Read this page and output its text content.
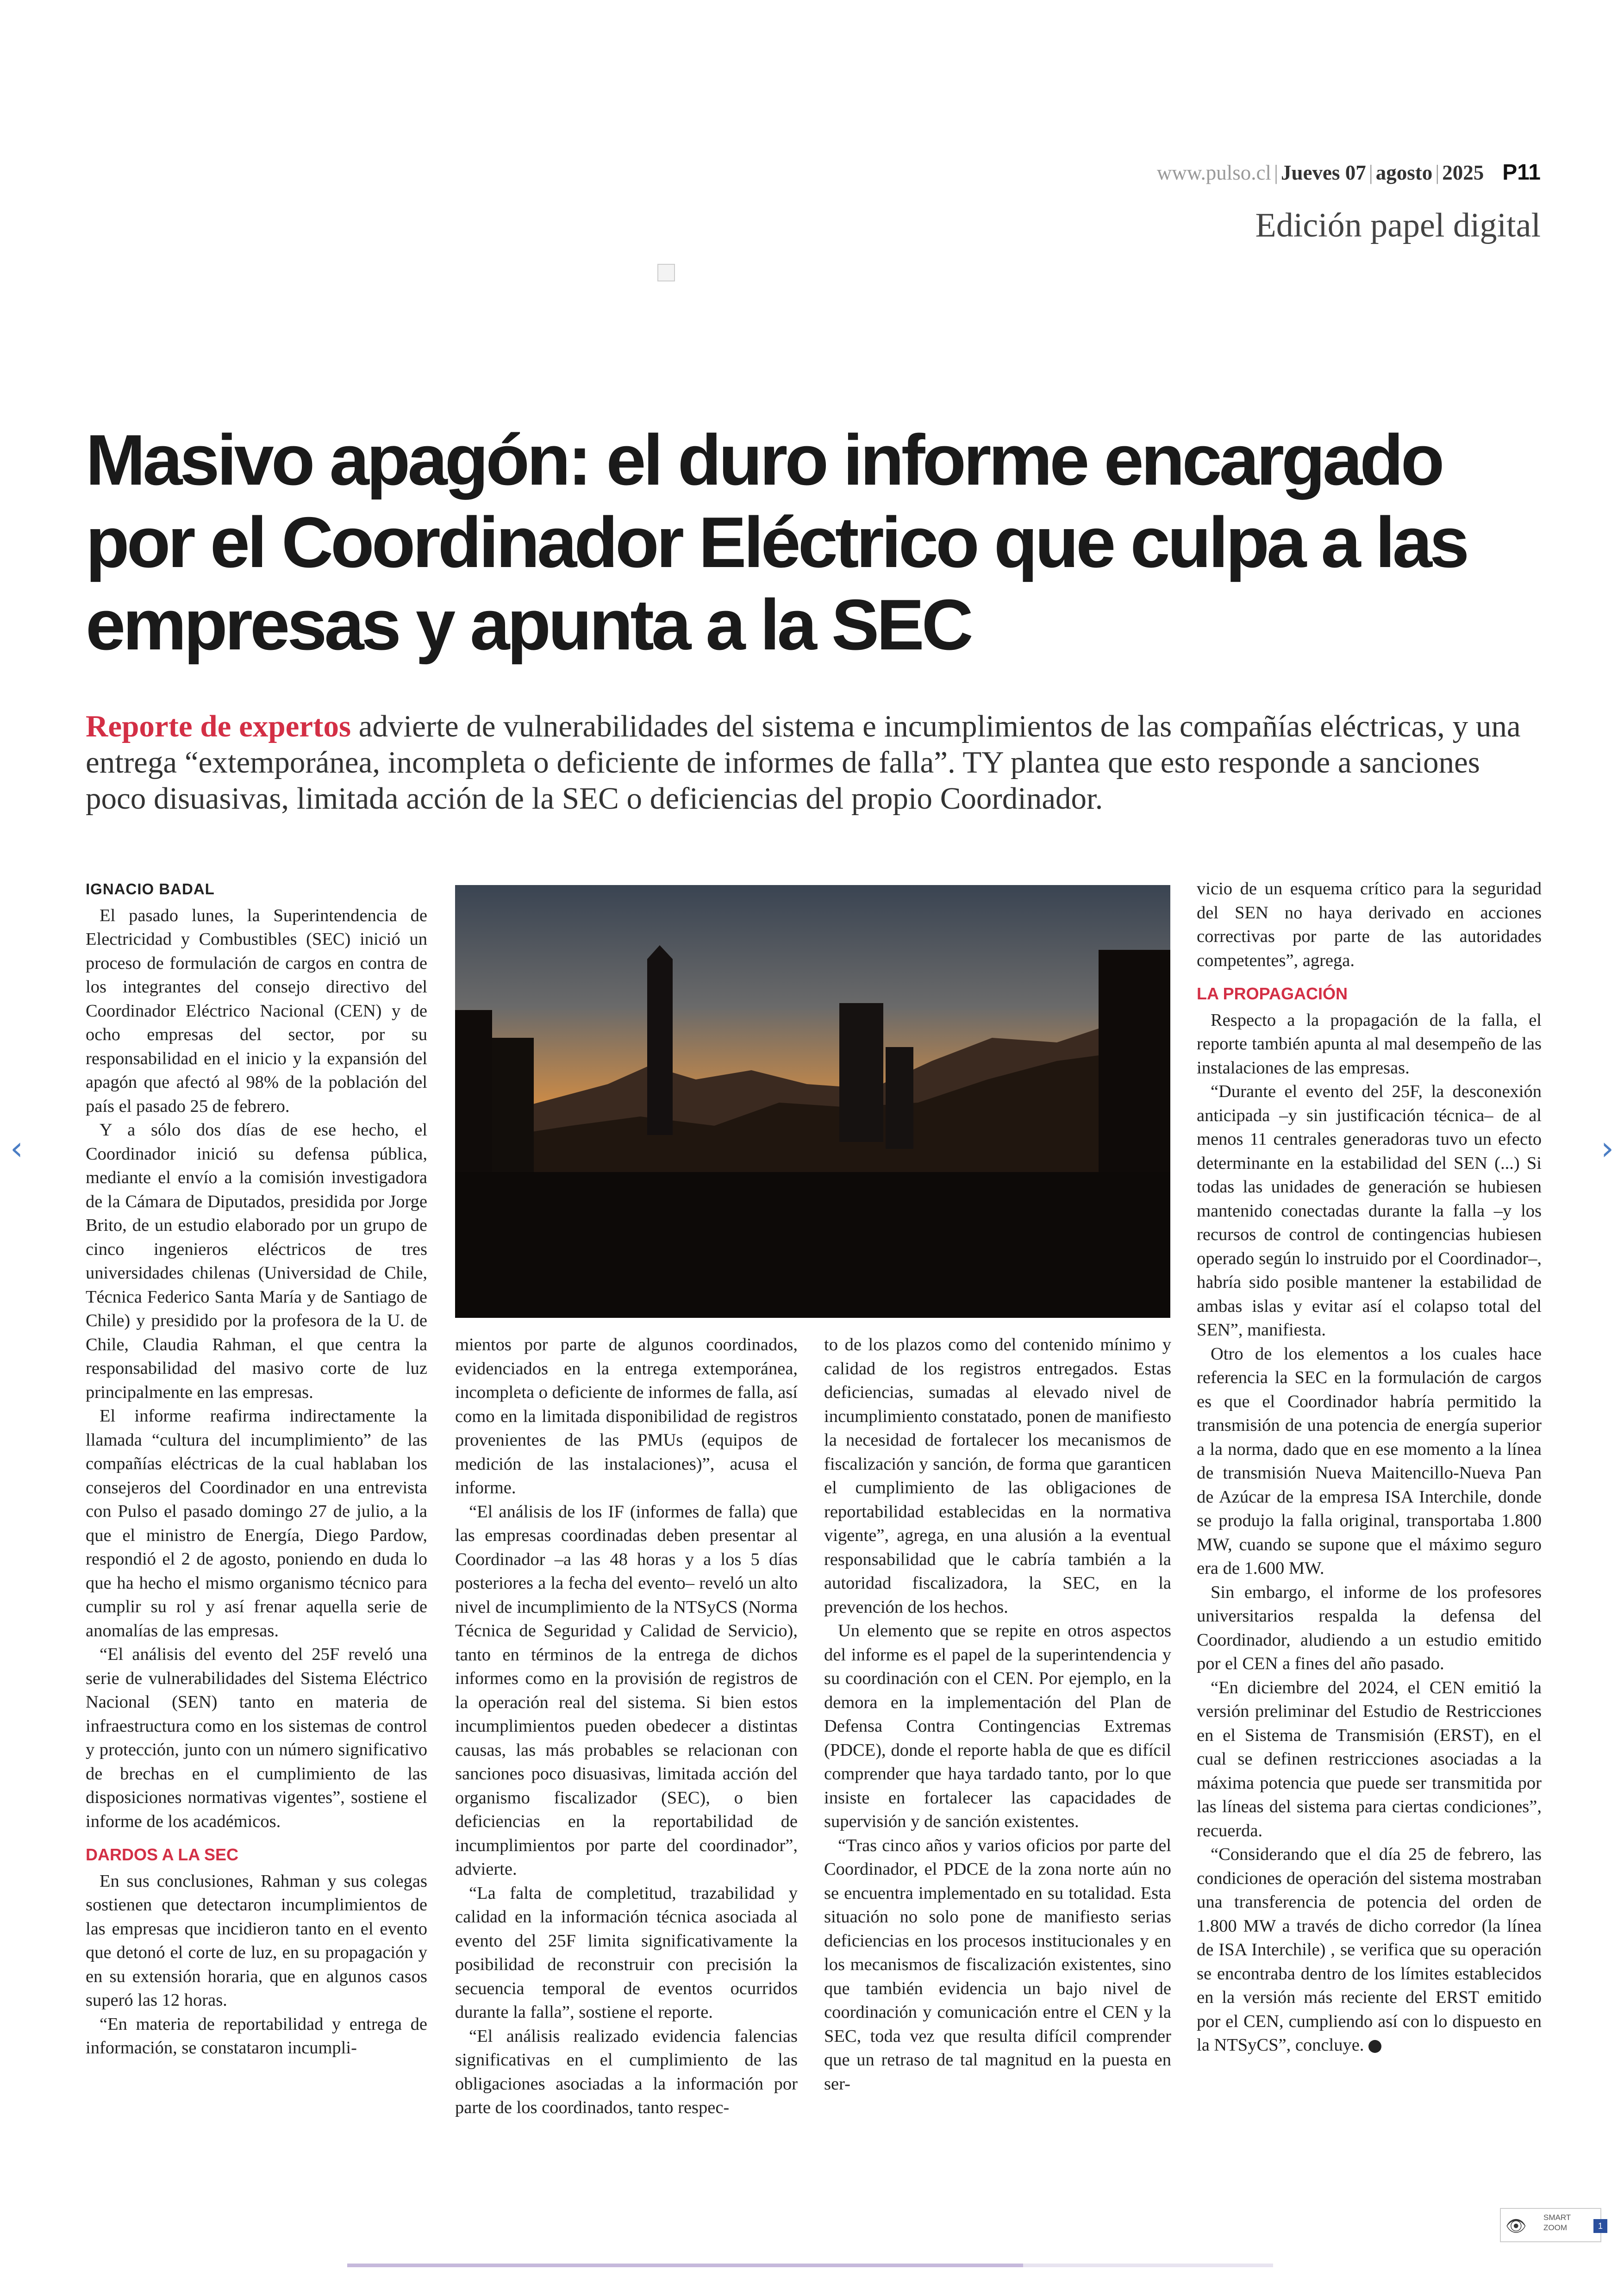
www.pulso.cl | Jueves 07 | agosto | 2025 P11
Edición papel digital
Masivo apagón: el duro informe encargado por el Coordinador Eléctrico que culpa a las empresas y apunta a la SEC

Reporte de expertos advierte de vulnerabilidades del sistema e incumplimientos de las compañías eléctricas, y una entrega “extemporánea, incompleta o deficiente de informes de falla”. TY plantea que esto responde a sanciones poco disuasivas, limitada acción de la SEC o deficiencias del propio Coordinador.

IGNACIO BADAL

El pasado lunes, la Superintendencia de Electricidad y Combustibles (SEC) inició un proceso de formulación de cargos en contra de los integrantes del consejo directivo del Coordinador Eléctrico Nacional (CEN) y de ocho empresas del sector, por su responsabilidad en el inicio y la expansión del apagón que afectó al 98% de la población del país el pasado 25 de febrero.

Y a sólo dos días de ese hecho, el Coordinador inició su defensa pública, mediante el envío a la comisión investigadora de la Cámara de Diputados, presidida por Jorge Brito, de un estudio elaborado por un grupo de cinco ingenieros eléctricos de tres universidades chilenas (Universidad de Chile, Técnica Federico Santa María y de Santiago de Chile) y presidido por la profesora de la U. de Chile, Claudia Rahman, el que centra la responsabilidad del masivo corte de luz principalmente en las empresas.

El informe reafirma indirectamente la llamada “cultura del incumplimiento” de las compañías eléctricas de la cual hablaban los consejeros del Coordinador en una entrevista con Pulso el pasado domingo 27 de julio, a la que el ministro de Energía, Diego Pardow, respondió el 2 de agosto, poniendo en duda lo que ha hecho el mismo organismo técnico para cumplir su rol y así frenar aquella serie de anomalías de las empresas.

“El análisis del evento del 25F reveló una serie de vulnerabilidades del Sistema Eléctrico Nacional (SEN) tanto en materia de infraestructura como en los sistemas de control y protección, junto con un número significativo de brechas en el cumplimiento de las disposiciones normativas vigentes”, sostiene el informe de los académicos.

DARDOS A LA SEC

En sus conclusiones, Rahman y sus colegas sostienen que detectaron incumplimientos de las empresas que incidieron tanto en el evento que detonó el corte de luz, en su propagación y en su extensión horaria, que en algunos casos superó las 12 horas.

“En materia de reportabilidad y entrega de información, se constataron incumpli-

mientos por parte de algunos coordinados, evidenciados en la entrega extemporánea, incompleta o deficiente de informes de falla, así como en la limitada disponibilidad de registros provenientes de las PMUs (equipos de medición de las instalaciones)”, acusa el informe.

“El análisis de los IF (informes de falla) que las empresas coordinadas deben presentar al Coordinador –a las 48 horas y a los 5 días posteriores a la fecha del evento– reveló un alto nivel de incumplimiento de la NTSyCS (Norma Técnica de Seguridad y Calidad de Servicio), tanto en términos de la entrega de dichos informes como en la provisión de registros de la operación real del sistema. Si bien estos incumplimientos pueden obedecer a distintas causas, las más probables se relacionan con sanciones poco disuasivas, limitada acción del organismo fiscalizador (SEC), o bien deficiencias en la reportabilidad de incumplimientos por parte del coordinador”, advierte.

“La falta de completitud, trazabilidad y calidad en la información técnica asociada al evento del 25F limita significativamente la posibilidad de reconstruir con precisión la secuencia temporal de eventos ocurridos durante la falla”, sostiene el reporte.

“El análisis realizado evidencia falencias significativas en el cumplimiento de las obligaciones asociadas a la información por parte de los coordinados, tanto respec-

to de los plazos como del contenido mínimo y calidad de los registros entregados. Estas deficiencias, sumadas al elevado nivel de incumplimiento constatado, ponen de manifiesto la necesidad de fortalecer los mecanismos de fiscalización y sanción, de forma que garanticen el cumplimiento de las obligaciones de reportabilidad establecidas en la normativa vigente”, agrega, en una alusión a la eventual responsabilidad que le cabría también a la autoridad fiscalizadora, la SEC, en la prevención de los hechos.

Un elemento que se repite en otros aspectos del informe es el papel de la superintendencia y su coordinación con el CEN. Por ejemplo, en la demora en la implementación del Plan de Defensa Contra Contingencias Extremas (PDCE), donde el reporte habla de que es difícil comprender que haya tardado tanto, por lo que insiste en fortalecer las capacidades de supervisión y de sanción existentes.

“Tras cinco años y varios oficios por parte del Coordinador, el PDCE de la zona norte aún no se encuentra implementado en su totalidad. Esta situación no solo pone de manifiesto serias deficiencias en los procesos institucionales y en los mecanismos de fiscalización existentes, sino que también evidencia un bajo nivel de coordinación y comunicación entre el CEN y la SEC, toda vez que resulta difícil comprender que un retraso de tal magnitud en la puesta en ser-

vicio de un esquema crítico para la seguridad del SEN no haya derivado en acciones correctivas por parte de las autoridades competentes”, agrega.

LA PROPAGACIÓN

Respecto a la propagación de la falla, el reporte también apunta al mal desempeño de las instalaciones de las empresas.

“Durante el evento del 25F, la desconexión anticipada –y sin justificación técnica– de al menos 11 centrales generadoras tuvo un efecto determinante en la estabilidad del SEN (...) Si todas las unidades de generación se hubiesen mantenido conectadas durante la falla –y los recursos de control de contingencias hubiesen operado según lo instruido por el Coordinador–, habría sido posible mantener la estabilidad de ambas islas y evitar así el colapso total del SEN”, manifiesta.

Otro de los elementos a los cuales hace referencia la SEC en la formulación de cargos es que el Coordinador habría permitido la transmisión de una potencia de energía superior a la norma, dado que en ese momento a la línea de transmisión Nueva Maitencillo-Nueva Pan de Azúcar de la empresa ISA Interchile, donde se produjo la falla original, transportaba 1.800 MW, cuando se supone que el máximo seguro era de 1.600 MW.

Sin embargo, el informe de los profesores universitarios respalda la defensa del Coordinador, aludiendo a un estudio emitido por el CEN a fines del año pasado.

“En diciembre del 2024, el CEN emitió la versión preliminar del Estudio de Restricciones en el Sistema de Transmisión (ERST), en el cual se definen restricciones asociadas a la máxima potencia que puede ser transmitida por las líneas del sistema para ciertas condiciones”, recuerda.

“Considerando que el día 25 de febrero, las condiciones de operación del sistema mostraban una transferencia de potencia del orden de 1.800 MW a través de dicho corredor (la línea de ISA Interchile) , se verifica que su operación se encontraba dentro de los límites establecidos en la versión más reciente del ERST emitido por el CEN, cumpliendo así con lo dispuesto en la NTSyCS”, concluye. P

‹	›
👁 SMART
ZOOM	1
